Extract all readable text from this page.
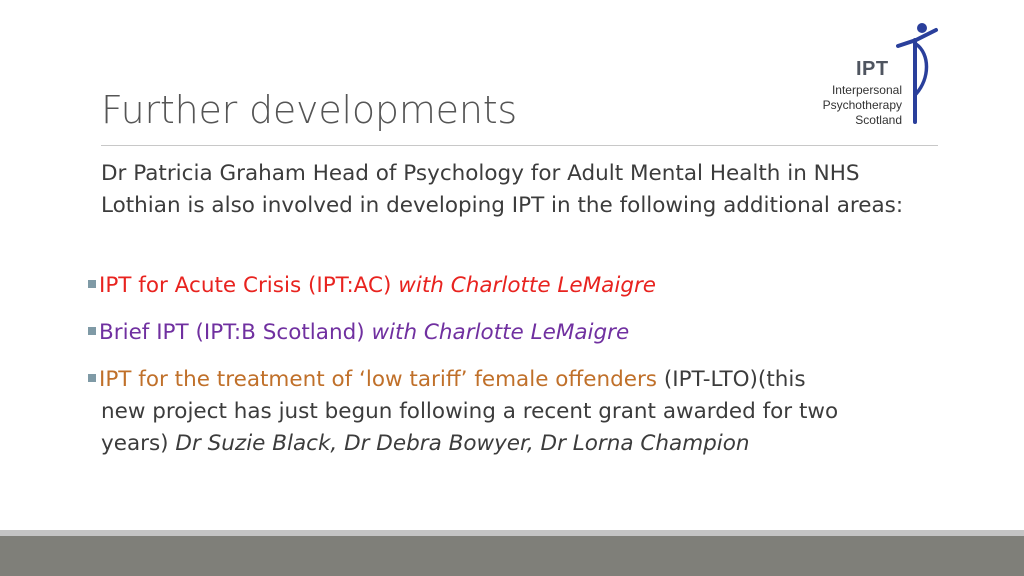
IPT
Interpersonal
Psychotherapy
Scotland
Further developments
Dr Patricia Graham Head of Psychology for Adult Mental Health in NHS Lothian is also involved in developing IPT in the following additional areas:
IPT for Acute Crisis (IPT:AC) with Charlotte LeMaigre
Brief IPT (IPT:B Scotland) with Charlotte LeMaigre
IPT for the treatment of ‘low tariff’ female offenders (IPT-LTO)(this
new project has just begun following a recent grant awarded for two
years) Dr Suzie Black, Dr Debra Bowyer, Dr Lorna Champion
